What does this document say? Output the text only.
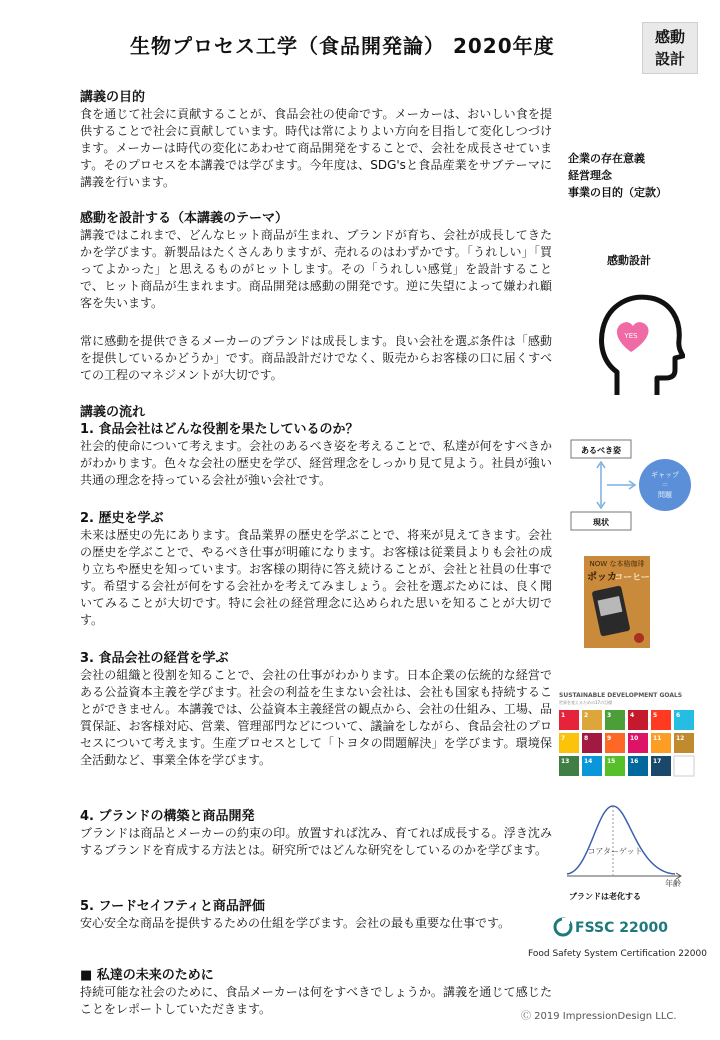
生物プロセス工学（食品開発論） 2020年度	感動
設計
講義の目的

食を通じて社会に貢献することが、食品会社の使命です。メーカーは、おいしい食を提供することで社会に貢献しています。時代は常によりよい方向を目指して変化しつづけます。メーカーは時代の変化にあわせて商品開発をすることで、会社を成長させています。そのプロセスを本講義では学びます。今年度は、SDG'sと食品産業をサブテーマに講義を行います。

感動を設計する（本講義のテーマ）

講義ではこれまで、どんなヒット商品が生まれ、ブランドが育ち、会社が成長してきたかを学びます。新製品はたくさんありますが、売れるのはわずかです。「うれしい」「買ってよかった」と思えるものがヒットします。その「うれしい感覚」を設計することで、ヒット商品が生まれます。商品開発は感動の開発です。逆に失望によって嫌われ顧客を失います。

常に感動を提供できるメーカーのブランドは成長します。良い会社を選ぶ条件は「感動を提供しているかどうか」です。商品設計だけでなく、販売からお客様の口に届くすべての工程のマネジメントが大切です。

講義の流れ
1. 食品会社はどんな役割を果たしているのか？

社会的使命について考えます。会社のあるべき姿を考えることで、私達が何をすべきかがわかります。色々な会社の歴史を学び、経営理念をしっかり見て見よう。社員が強い共通の理念を持っている会社が強い会社です。

2. 歴史を学ぶ

未来は歴史の先にあります。食品業界の歴史を学ぶことで、将来が見えてきます。会社の歴史を学ぶことで、やるべき仕事が明確になります。お客様は従業員よりも会社の成り立ちや歴史を知っています。お客様の期待に答え続けることが、会社と社員の仕事です。希望する会社が何をする会社かを考えてみましょう。会社を選ぶためには、良く聞いてみることが大切です。特に会社の経営理念に込められた思いを知ることが大切です。

3. 食品会社の経営を学ぶ

会社の組織と役割を知ることで、会社の仕事がわかります。日本企業の伝統的な経営である公益資本主義を学びます。社会の利益を生まない会社は、会社も国家も持続することができません。本講義では、公益資本主義経営の観点から、会社の仕組み、工場、品質保証、お客様対応、営業、管理部門などについて、議論をしながら、食品会社のプロセスについて考えます。生産プロセスとして「トヨタの問題解決」を学びます。環境保全活動など、事業全体を学びます。

4. ブランドの構築と商品開発

ブランドは商品とメーカーの約束の印。放置すれば沈み、育てれば成長する。浮き沈みするブランドを育成する方法とは。研究所ではどんな研究をしているのかを学びます。

5. フードセイフティと商品評価

安心安全な商品を提供するための仕組を学びます。会社の最も重要な仕事です。

■ 私達の未来のために

持続可能な社会のために、食品メーカーは何をすべきでしょうか。講義を通じて感じたことをレポートしていただきます。

企業の存在意義
経営理念
事業の目的（定款）
感動設計
YES
あるべき姿
現状
ギャップ
＝
問題
NOW な本格珈琲
ポッカ
コーヒー
SUSTAINABLE DEVELOPMENT GOALS
世界を変えるための17の目標
1	2	3	4	5	6
7	8	9	10 11 12
13 14 15 16 17
コアターゲット
年齢
ブランドは老化する
FSSC 22000
Food Safety System Certification 22000
Ⓒ 2019 ImpressionDesign LLC.
